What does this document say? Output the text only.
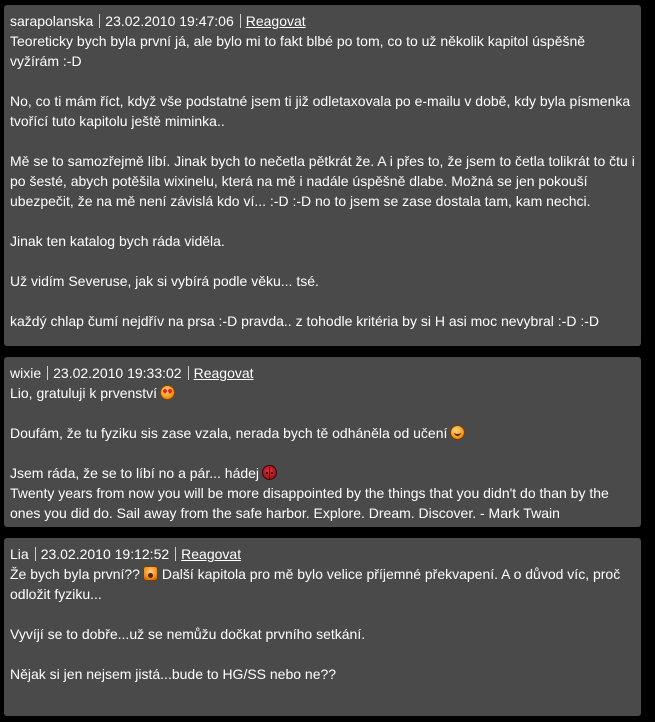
sarapolanska 23.02.2010 19:47:06 Reagovat

Teoreticky bych byla první já, ale bylo mi to fakt blbé po tom, co to už několik kapitol úspěšně vyžírám :-D

No, co ti mám říct, když vše podstatné jsem ti již odletaxovala po e-mailu v době, kdy byla písmenka tvořící tuto kapitolu ještě miminka..

Mě se to samozřejmě líbí. Jinak bych to nečetla pětkrát že. A i přes to, že jsem to četla tolikrát to čtu i po šesté, abych potěšila wixinelu, která na mě i nadále úspěšně dlabe. Možná se jen pokouší ubezpečit, že na mě není závislá kdo ví... :-D :-D no to jsem se zase dostala tam, kam nechci.

Jinak ten katalog bych ráda viděla.

Už vidím Severuse, jak si vybírá podle věku... tsé.

každý chlap čumí nejdřív na prsa :-D pravda.. z tohodle kritéria by si H asi moc nevybral :-D :-D

wixie 23.02.2010 19:33:02 Reagovat

Lio, gratuluji k prvenství

Doufám, že tu fyziku sis zase vzala, nerada bych tě odháněla od učení

Jsem ráda, že se to líbí no a pár... hádej

Twenty years from now you will be more disappointed by the things that you didn't do than by the ones you did do. Sail away from the safe harbor. Explore. Dream. Discover. - Mark Twain

Lia 23.02.2010 19:12:52 Reagovat

Že bych byla první?? Další kapitola pro mě bylo velice příjemné překvapení. A o důvod víc, proč odložit fyziku...

Vyvíjí se to dobře...už se nemůžu dočkat prvního setkání.

Nějak si jen nejsem jistá...bude to HG/SS nebo ne??
